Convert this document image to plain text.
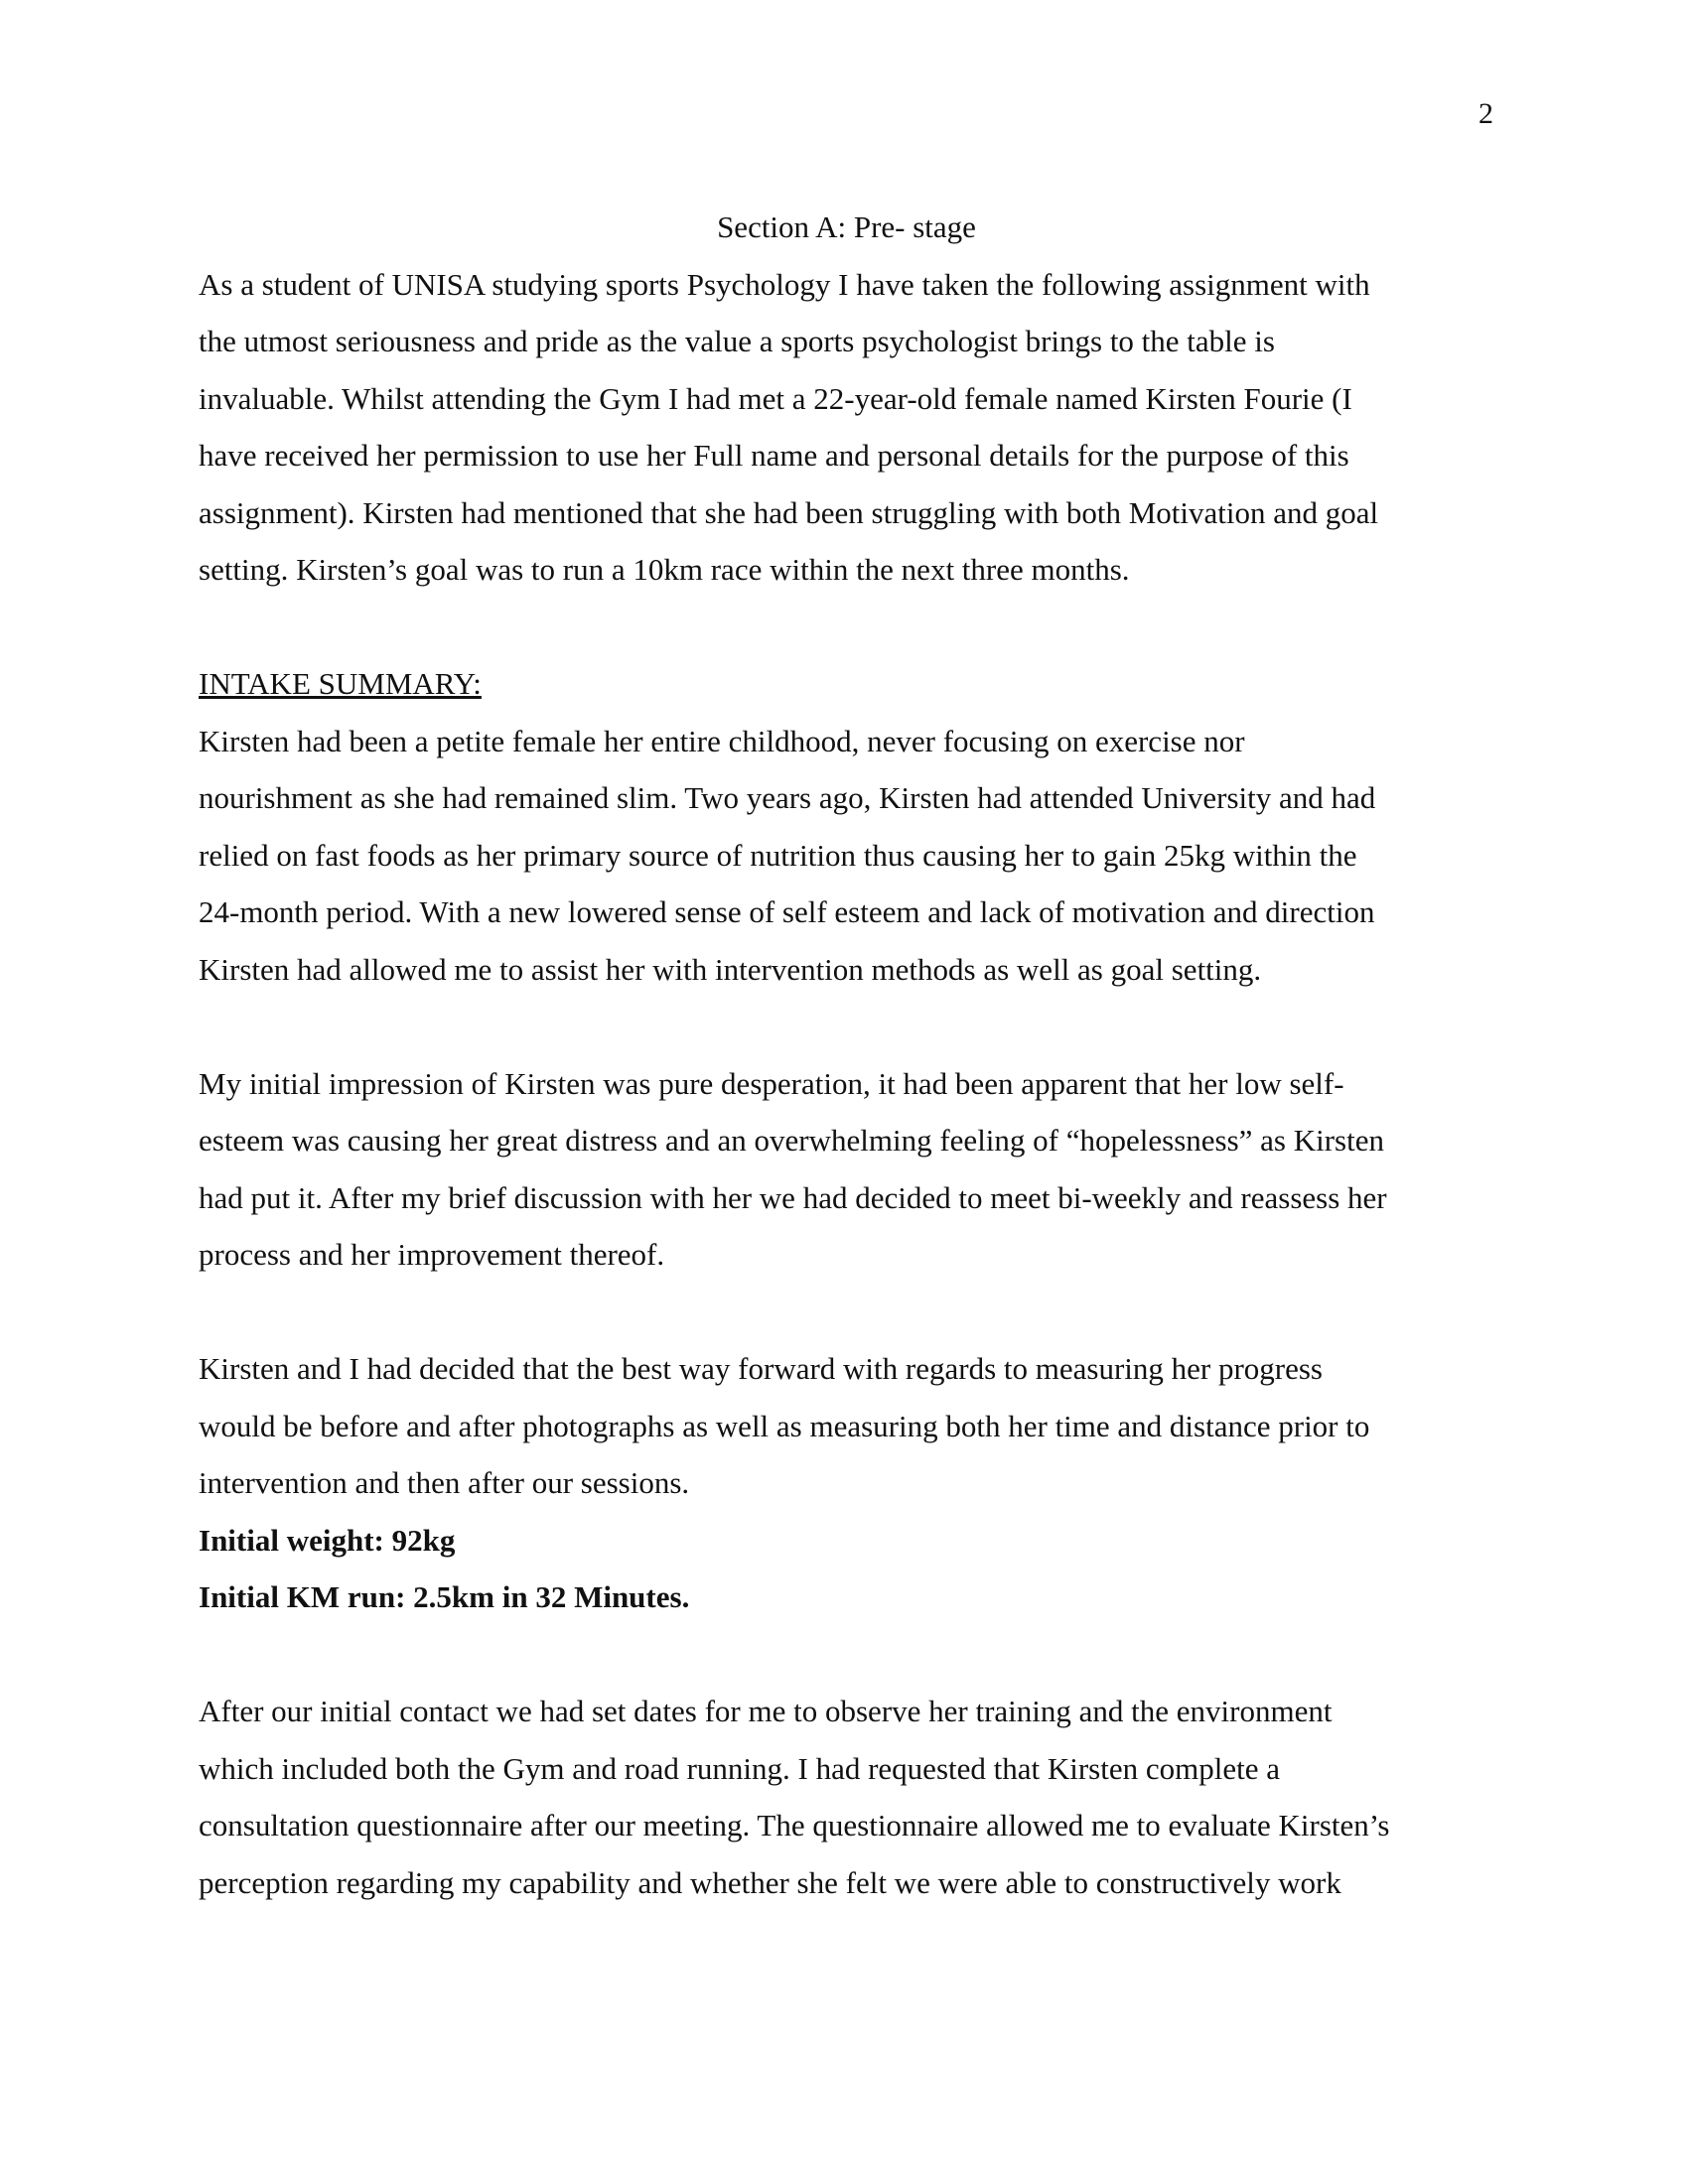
2
Section A: Pre- stage

As a student of UNISA studying sports Psychology I have taken the following assignment with
the utmost seriousness and pride as the value a sports psychologist brings to the table is
invaluable. Whilst attending the Gym I had met a 22-year-old female named Kirsten Fourie (I
have received her permission to use her Full name and personal details for the purpose of this
assignment). Kirsten had mentioned that she had been struggling with both Motivation and goal
setting. Kirsten’s goal was to run a 10km race within the next three months.

INTAKE SUMMARY:

Kirsten had been a petite female her entire childhood, never focusing on exercise nor
nourishment as she had remained slim. Two years ago, Kirsten had attended University and had
relied on fast foods as her primary source of nutrition thus causing her to gain 25kg within the
24-month period. With a new lowered sense of self esteem and lack of motivation and direction
Kirsten had allowed me to assist her with intervention methods as well as goal setting.

My initial impression of Kirsten was pure desperation, it had been apparent that her low self-
esteem was causing her great distress and an overwhelming feeling of “hopelessness” as Kirsten
had put it. After my brief discussion with her we had decided to meet bi-weekly and reassess her
process and her improvement thereof.

Kirsten and I had decided that the best way forward with regards to measuring her progress
would be before and after photographs as well as measuring both her time and distance prior to
intervention and then after our sessions.
Initial weight: 92kg
Initial KM run: 2.5km in 32 Minutes.

After our initial contact we had set dates for me to observe her training and the environment
which included both the Gym and road running. I had requested that Kirsten complete a
consultation questionnaire after our meeting. The questionnaire allowed me to evaluate Kirsten’s
perception regarding my capability and whether she felt we were able to constructively work
